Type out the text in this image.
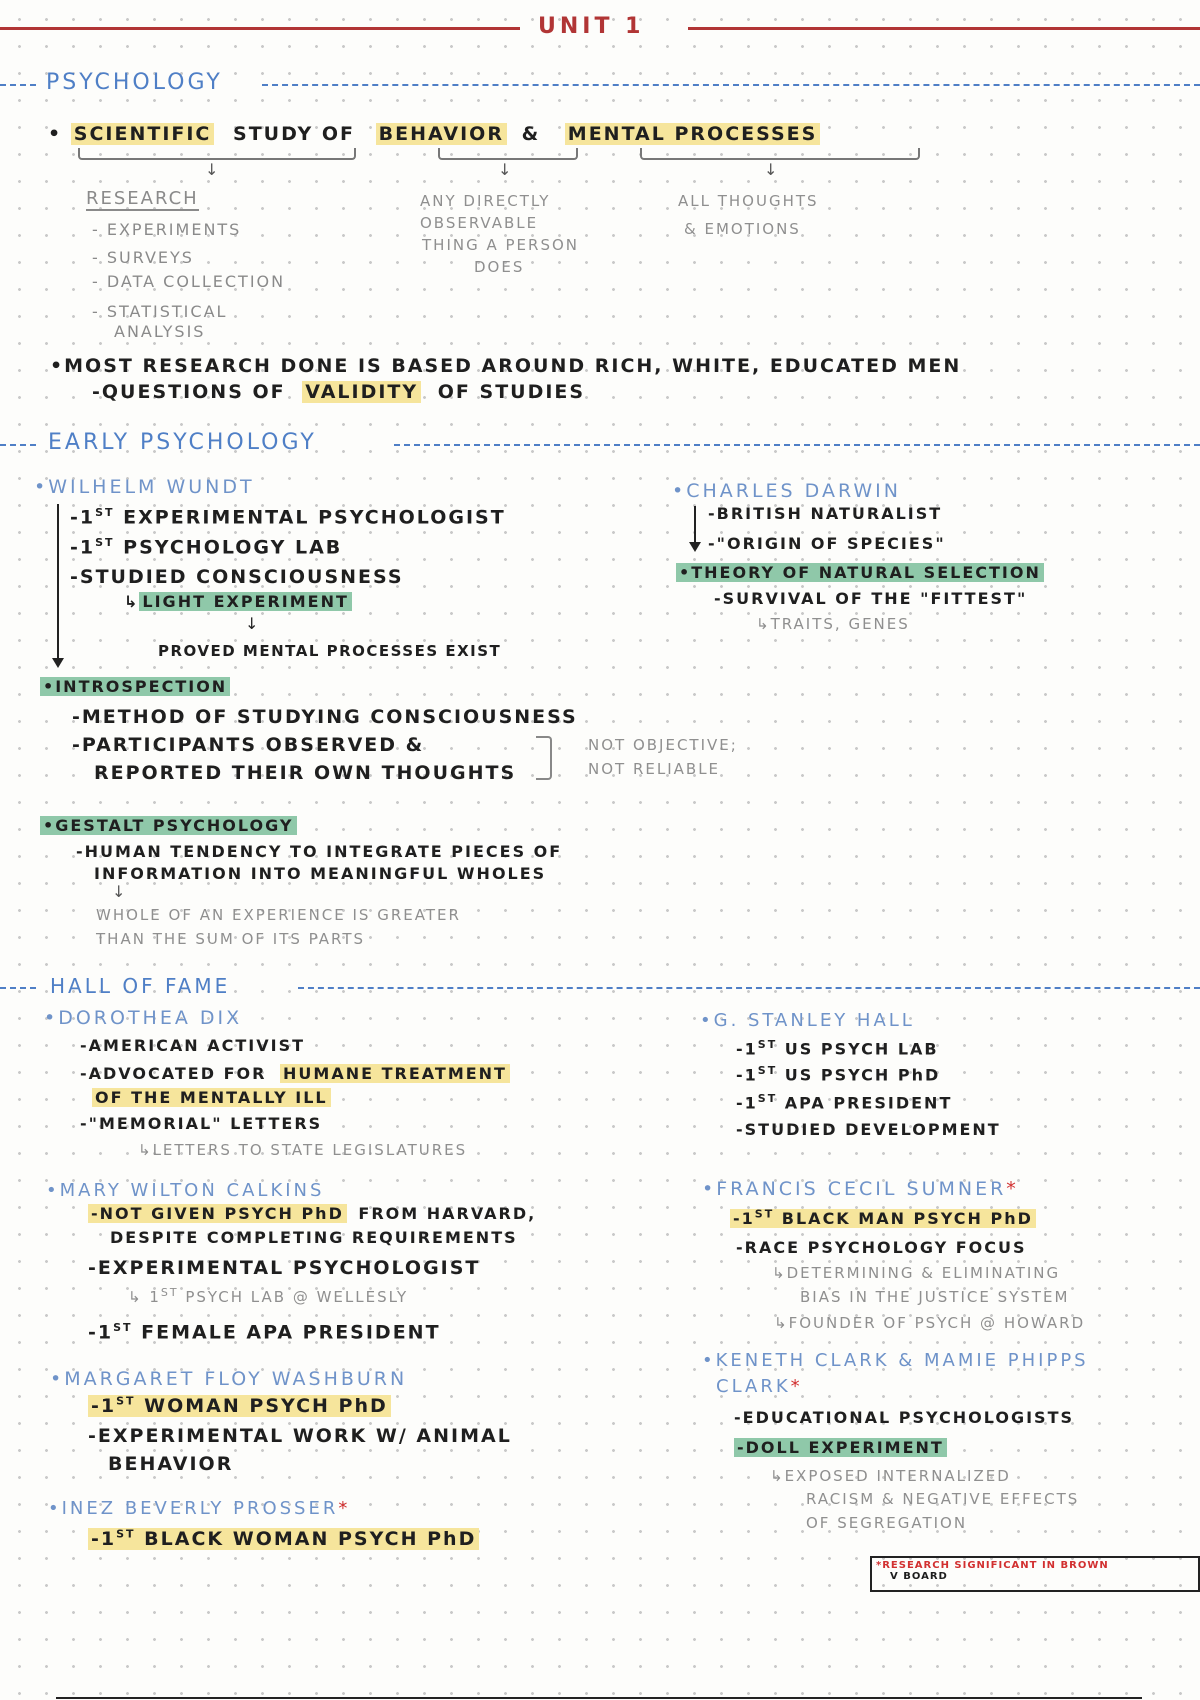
UNIT 1
PSYCHOLOGY
• SCIENTIFIC STUDY OF BEHAVIOR & MENTAL PROCESSES
↓	↓	↓
RESEARCH
- EXPERIMENTS
- SURVEYS
- DATA COLLECTION
- STATISTICAL
ANALYSIS
ANY DIRECTLY
OBSERVABLE
THING A PERSON
DOES
ALL THOUGHTS
& EMOTIONS
•MOST RESEARCH DONE IS BASED AROUND RICH, WHITE, EDUCATED MEN
-QUESTIONS OF VALIDITY OF STUDIES
EARLY PSYCHOLOGY
•WILHELM WUNDT
-1ST EXPERIMENTAL PSYCHOLOGIST
-1ST PSYCHOLOGY LAB
-STUDIED CONSCIOUSNESS
↳ LIGHT EXPERIMENT
↓
PROVED MENTAL PROCESSES EXIST
•CHARLES DARWIN
-BRITISH NATURALIST
-"ORIGIN OF SPECIES"
•THEORY OF NATURAL SELECTION
-SURVIVAL OF THE "FITTEST"
↳TRAITS, GENES
•INTROSPECTION
-METHOD OF STUDYING CONSCIOUSNESS
-PARTICIPANTS OBSERVED &
REPORTED THEIR OWN THOUGHTS
NOT OBJECTIVE;
NOT RELIABLE
•GESTALT PSYCHOLOGY
-HUMAN TENDENCY TO INTEGRATE PIECES OF
INFORMATION INTO MEANINGFUL WHOLES
↓
WHOLE OF AN EXPERIENCE IS GREATER
THAN THE SUM OF ITS PARTS
HALL OF FAME
•DOROTHEA DIX
-AMERICAN ACTIVIST
-ADVOCATED FOR HUMANE TREATMENT
OF THE MENTALLY ILL
-"MEMORIAL" LETTERS
↳LETTERS TO STATE LEGISLATURES
•MARY WILTON CALKINS
-NOT GIVEN PSYCH PhD FROM HARVARD,
DESPITE COMPLETING REQUIREMENTS
-EXPERIMENTAL PSYCHOLOGIST
↳ 1ST PSYCH LAB @ WELLESLY
-1ST FEMALE APA PRESIDENT
•MARGARET FLOY WASHBURN
-1ST WOMAN PSYCH PhD
-EXPERIMENTAL WORK W/ ANIMAL
BEHAVIOR
•INEZ BEVERLY PROSSER*
-1ST BLACK WOMAN PSYCH PhD
•G. STANLEY HALL
-1ST US PSYCH LAB
-1ST US PSYCH PhD
-1ST APA PRESIDENT
-STUDIED DEVELOPMENT
•FRANCIS CECIL SUMNER*
-1ST BLACK MAN PSYCH PhD
-RACE PSYCHOLOGY FOCUS
↳DETERMINING & ELIMINATING
BIAS IN THE JUSTICE SYSTEM
↳FOUNDER OF PSYCH @ HOWARD
•KENETH CLARK & MAMIE PHIPPS
CLARK*
-EDUCATIONAL PSYCHOLOGISTS
-DOLL EXPERIMENT
↳EXPOSED INTERNALIZED
RACISM & NEGATIVE EFFECTS
OF SEGREGATION
*RESEARCH SIGNIFICANT IN BROWN
V BOARD
